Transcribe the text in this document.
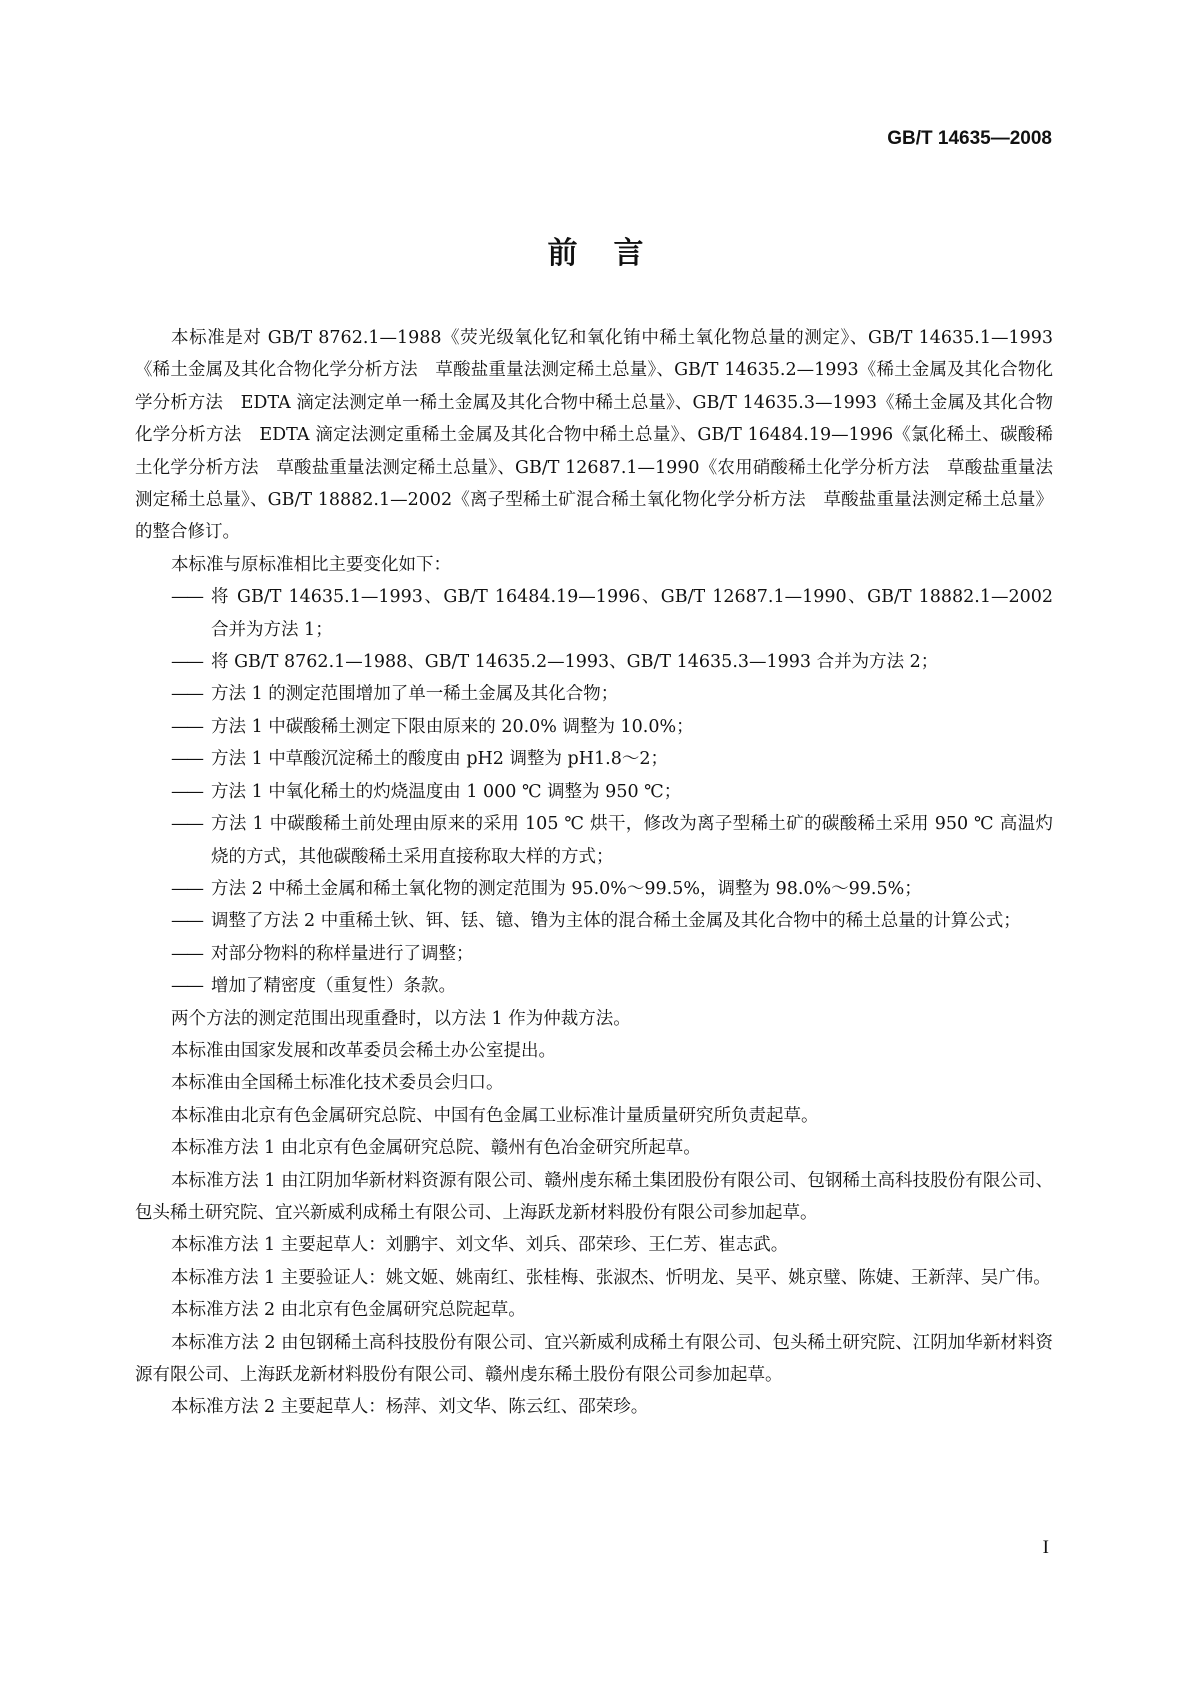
GB/T 14635—2008
前言

本标准是对 GB/T 8762.1—1988《荧光级氧化钇和氧化铕中稀土氧化物总量的测定》、GB/T 14635.1—1993《稀土金属及其化合物化学分析方法　草酸盐重量法测定稀土总量》、GB/T 14635.2—1993《稀土金属及其化合物化学分析方法　EDTA 滴定法测定单一稀土金属及其化合物中稀土总量》、GB/T 14635.3—1993《稀土金属及其化合物化学分析方法　EDTA 滴定法测定重稀土金属及其化合物中稀土总量》、GB/T 16484.19—1996《氯化稀土、碳酸稀土化学分析方法　草酸盐重量法测定稀土总量》、GB/T 12687.1—1990《农用硝酸稀土化学分析方法　草酸盐重量法测定稀土总量》、GB/T 18882.1—2002《离子型稀土矿混合稀土氧化物化学分析方法　草酸盐重量法测定稀土总量》的整合修订。

本标准与原标准相比主要变化如下：

—— 将 GB/T 14635.1—1993、GB/T 16484.19—1996、GB/T 12687.1—1990、GB/T 18882.1—2002 合并为方法 1；

—— 将 GB/T 8762.1—1988、GB/T 14635.2—1993、GB/T 14635.3—1993 合并为方法 2；

—— 方法 1 的测定范围增加了单一稀土金属及其化合物；

—— 方法 1 中碳酸稀土测定下限由原来的 20.0% 调整为 10.0%；

—— 方法 1 中草酸沉淀稀土的酸度由 pH2 调整为 pH1.8～2；

—— 方法 1 中氧化稀土的灼烧温度由 1 000 ℃ 调整为 950 ℃；

—— 方法 1 中碳酸稀土前处理由原来的采用 105 ℃ 烘干，修改为离子型稀土矿的碳酸稀土采用 950 ℃ 高温灼烧的方式，其他碳酸稀土采用直接称取大样的方式；

—— 方法 2 中稀土金属和稀土氧化物的测定范围为 95.0%～99.5%，调整为 98.0%～99.5%；

—— 调整了方法 2 中重稀土钬、铒、铥、镱、镥为主体的混合稀土金属及其化合物中的稀土总量的计算公式；

—— 对部分物料的称样量进行了调整；

—— 增加了精密度（重复性）条款。

两个方法的测定范围出现重叠时，以方法 1 作为仲裁方法。

本标准由国家发展和改革委员会稀土办公室提出。

本标准由全国稀土标准化技术委员会归口。

本标准由北京有色金属研究总院、中国有色金属工业标准计量质量研究所负责起草。

本标准方法 1 由北京有色金属研究总院、赣州有色冶金研究所起草。

本标准方法 1 由江阴加华新材料资源有限公司、赣州虔东稀土集团股份有限公司、包钢稀土高科技股份有限公司、包头稀土研究院、宜兴新威利成稀土有限公司、上海跃龙新材料股份有限公司参加起草。

本标准方法 1 主要起草人：刘鹏宇、刘文华、刘兵、邵荣珍、王仁芳、崔志武。

本标准方法 1 主要验证人：姚文姬、姚南红、张桂梅、张淑杰、忻明龙、吴平、姚京璧、陈婕、王新萍、吴广伟。

本标准方法 2 由北京有色金属研究总院起草。

本标准方法 2 由包钢稀土高科技股份有限公司、宜兴新威利成稀土有限公司、包头稀土研究院、江阴加华新材料资源有限公司、上海跃龙新材料股份有限公司、赣州虔东稀土股份有限公司参加起草。

本标准方法 2 主要起草人：杨萍、刘文华、陈云红、邵荣珍。

I
